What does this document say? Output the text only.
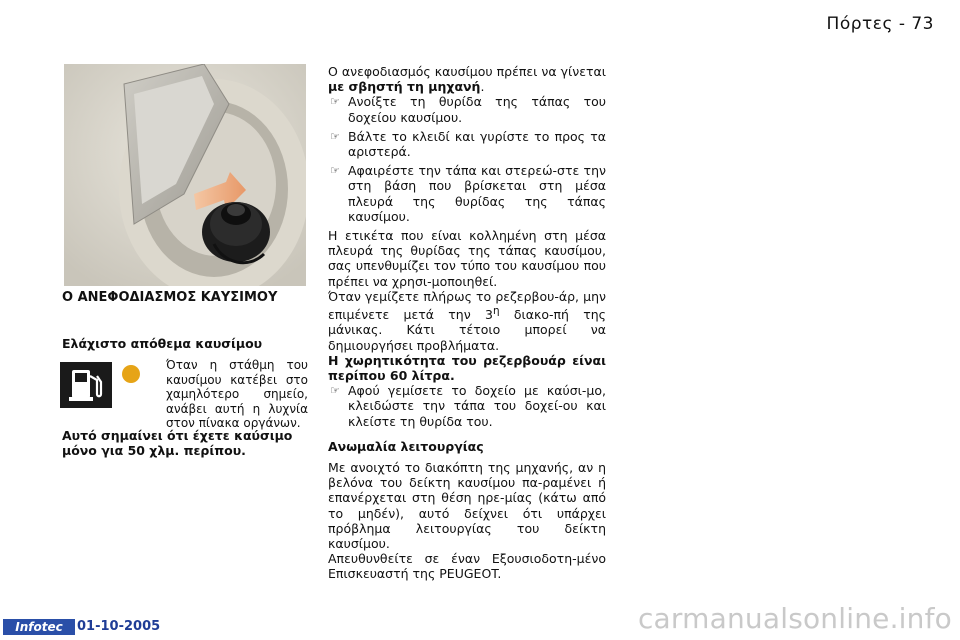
Πόρτες - 73
Ο ΑΝΕΦΟΔΙΑΣΜΟΣ ΚΑΥΣΙΜΟΥ
Ελάχιστο απόθεμα καυσίμου
Όταν η στάθμη του καυσίμου κατέβει στο χαμηλότερο σημείο, ανάβει αυτή η λυχνία στον πίνακα οργάνων.
Αυτό σημαίνει ότι έχετε καύσιμο μόνο για 50 χλμ. περίπου.

Ο ανεφοδιασμός καυσίμου πρέπει να γίνεται με σβηστή τη μηχανή.

☞ Ανοίξτε τη θυρίδα της τάπας του δοχείου καυσίμου.
☞ Βάλτε το κλειδί και γυρίστε το προς τα αριστερά.
☞ Αφαιρέστε την τάπα και στερεώ-στε την στη βάση που βρίσκεται στη μέσα πλευρά της θυρίδας της τάπας καυσίμου.

Η ετικέτα που είναι κολλημένη στη μέσα πλευρά της θυρίδας της τάπας καυσίμου, σας υπενθυμίζει τον τύπο του καυσίμου που πρέπει να χρησι-μοποιηθεί.

Όταν γεμίζετε πλήρως το ρεζερβου-άρ, μην επιμένετε μετά την $3^\eta$ διακο-πή της μάνικας. Κάτι τέτοιο μπορεί να δημιουργήσει προβλήματα.

Η χωρητικότητα του ρεζερβουάρ είναι περίπου 60 λίτρα.

☞ Αφού γεμίσετε το δοχείο με καύσι-μο, κλειδώστε την τάπα του δοχεί-ου και κλείστε τη θυρίδα του.

Ανωμαλία λειτουργίας

Με ανοιχτό το διακόπτη της μηχανής, αν η βελόνα του δείκτη καυσίμου πα-ραμένει ή επανέρχεται στη θέση ηρε-μίας (κάτω από το μηδέν), αυτό δείχνει ότι υπάρχει πρόβλημα λειτουργίας του δείκτη καυσίμου.

Απευθυνθείτε σε έναν Εξουσιοδοτη-μένο Επισκευαστή της PEUGEOT.

Infotec	01-10-2005	carmanualsonline.info
